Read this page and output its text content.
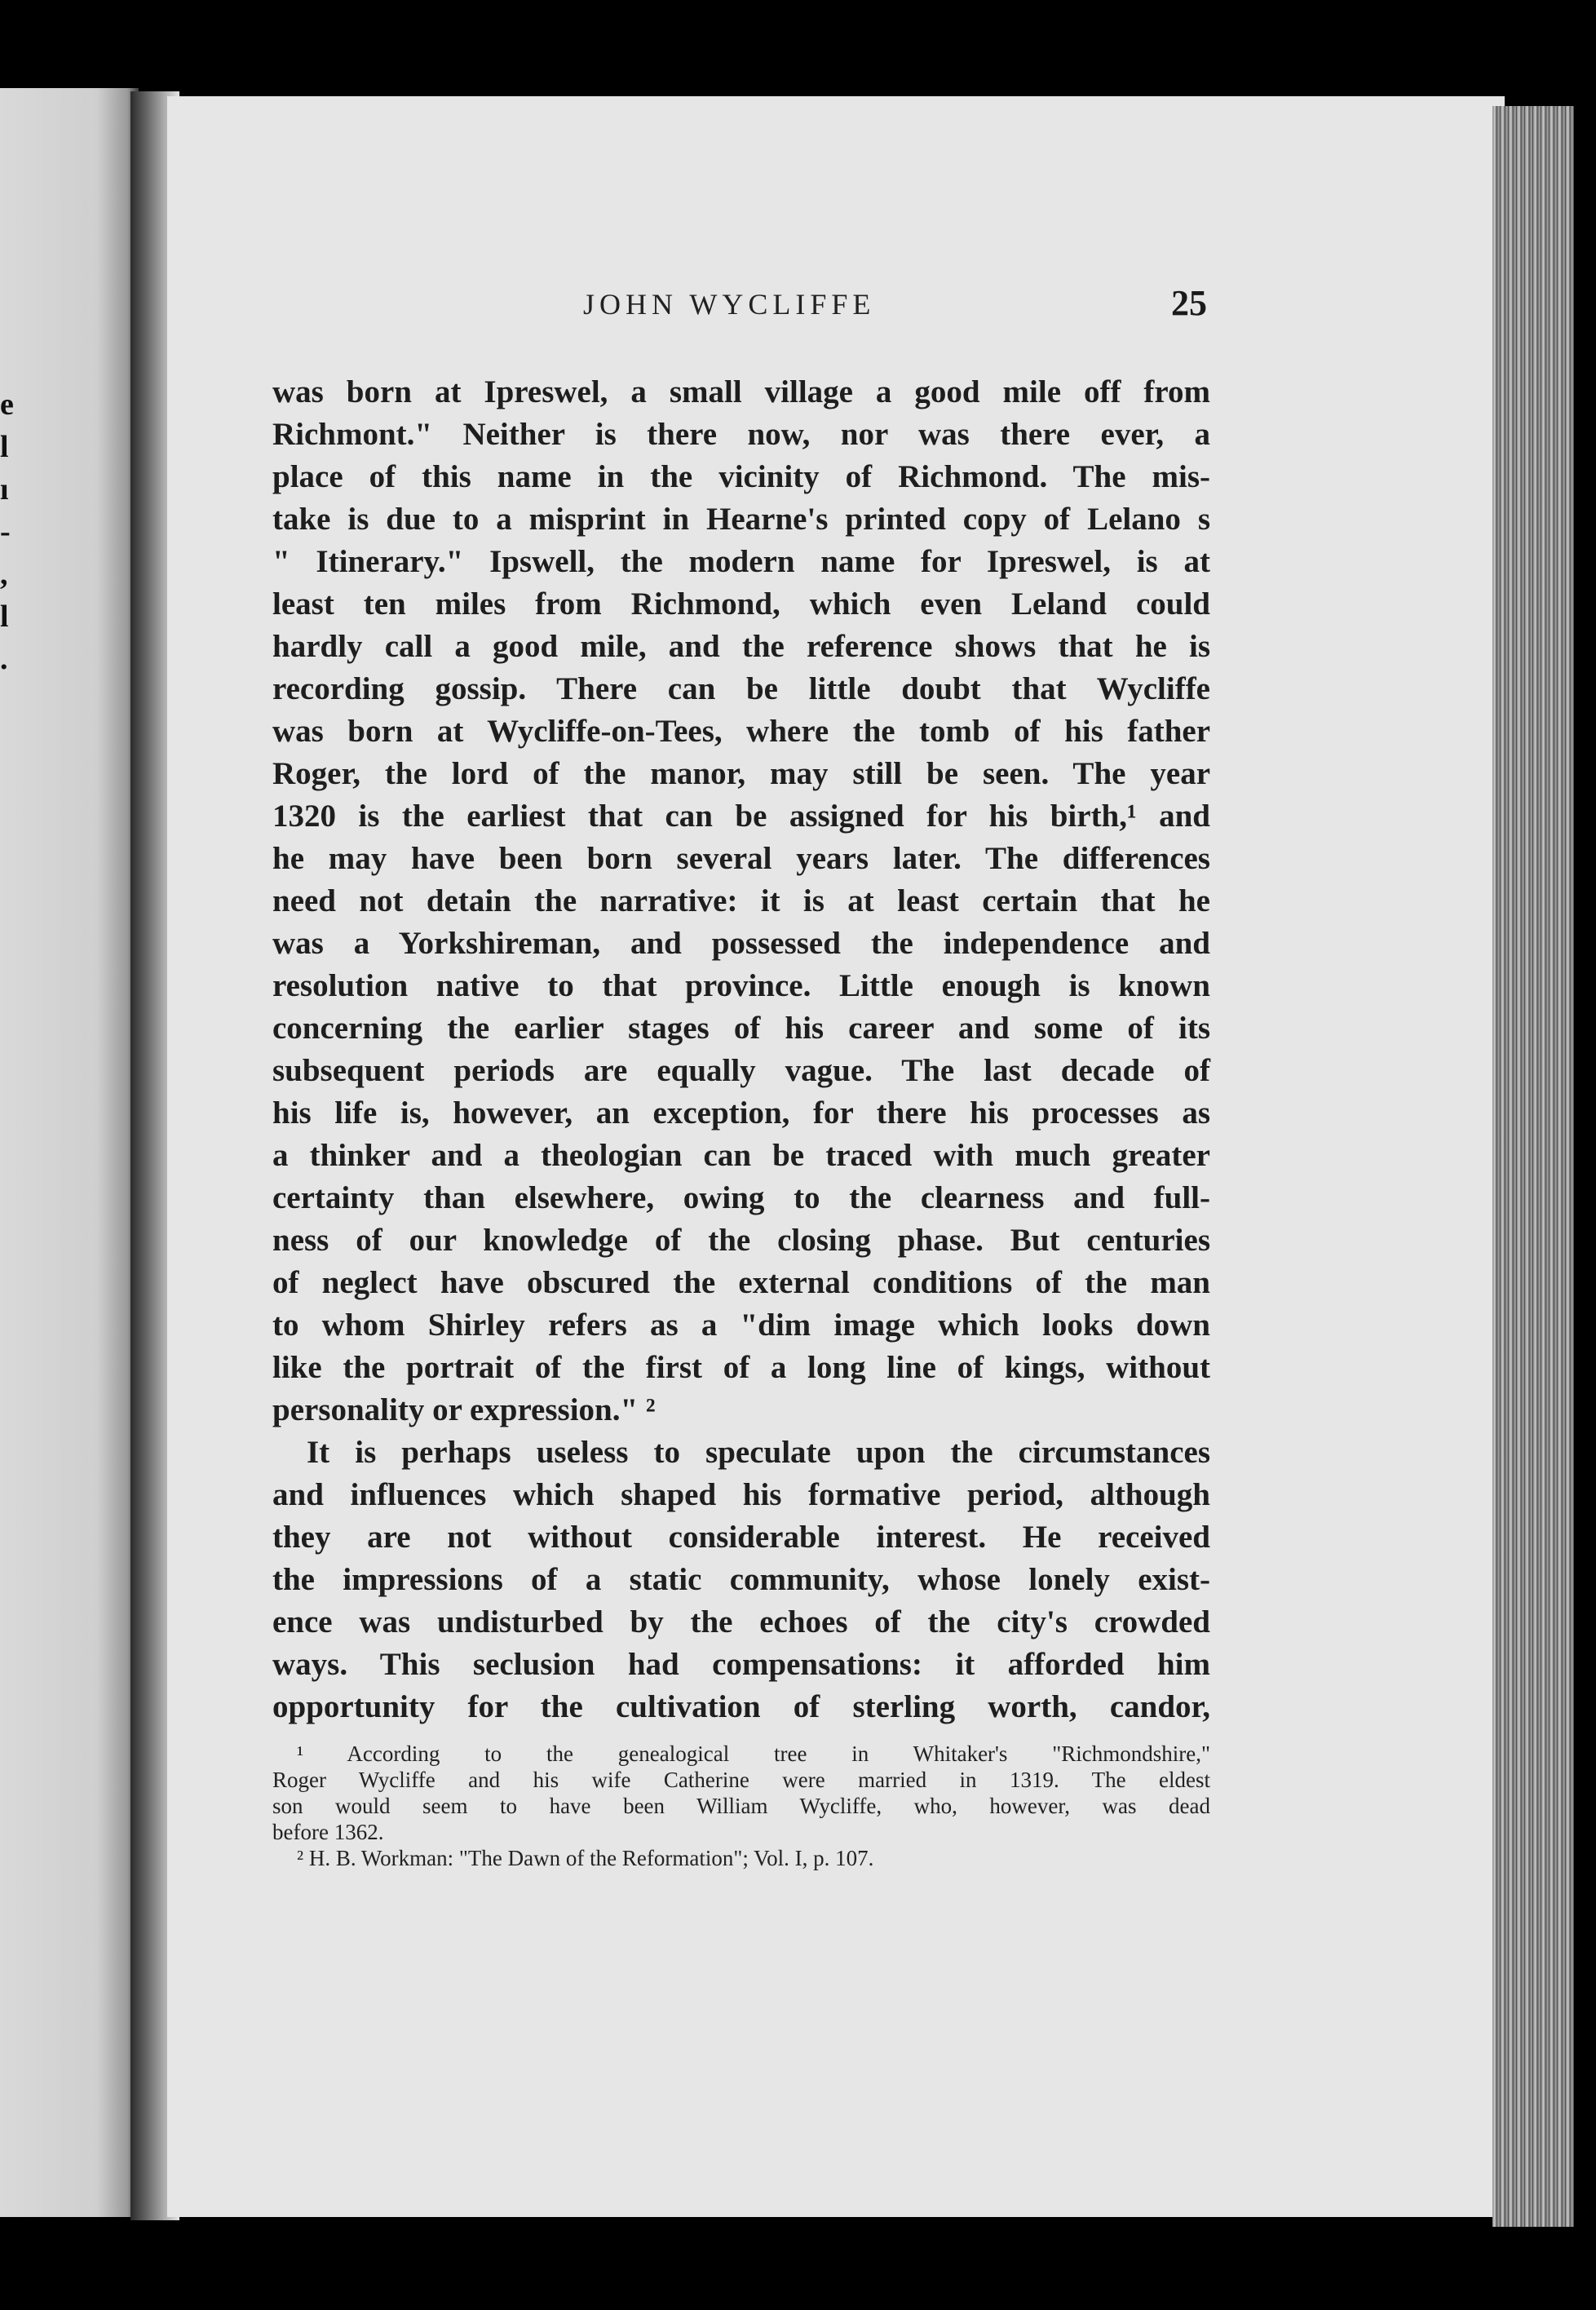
e
l
ı
-
,
l
.
JOHN WYCLIFFE	25
was born at Ipreswel, a small village a good mile off from
Richmont." Neither is there now, nor was there ever, a
place of this name in the vicinity of Richmond. The mis-
take is due to a misprint in Hearne's printed copy of Lelano s
" Itinerary." Ipswell, the modern name for Ipreswel, is at
least ten miles from Richmond, which even Leland could
hardly call a good mile, and the reference shows that he is
recording gossip. There can be little doubt that Wycliffe
was born at Wycliffe-on-Tees, where the tomb of his father
Roger, the lord of the manor, may still be seen. The year
1320 is the earliest that can be assigned for his birth,¹ and
he may have been born several years later. The differences
need not detain the narrative: it is at least certain that he
was a Yorkshireman, and possessed the independence and
resolution native to that province. Little enough is known
concerning the earlier stages of his career and some of its
subsequent periods are equally vague. The last decade of
his life is, however, an exception, for there his processes as
a thinker and a theologian can be traced with much greater
certainty than elsewhere, owing to the clearness and full-
ness of our knowledge of the closing phase. But centuries
of neglect have obscured the external conditions of the man
to whom Shirley refers as a "dim image which looks down
like the portrait of the first of a long line of kings, without
personality or expression." ²
It is perhaps useless to speculate upon the circumstances
and influences which shaped his formative period, although
they are not without considerable interest. He received
the impressions of a static community, whose lonely exist-
ence was undisturbed by the echoes of the city's crowded
ways. This seclusion had compensations: it afforded him
opportunity for the cultivation of sterling worth, candor,
¹ According to the genealogical tree in Whitaker's "Richmondshire,"
Roger Wycliffe and his wife Catherine were married in 1319. The eldest
son would seem to have been William Wycliffe, who, however, was dead
before 1362.
² H. B. Workman: "The Dawn of the Reformation"; Vol. I, p. 107.
